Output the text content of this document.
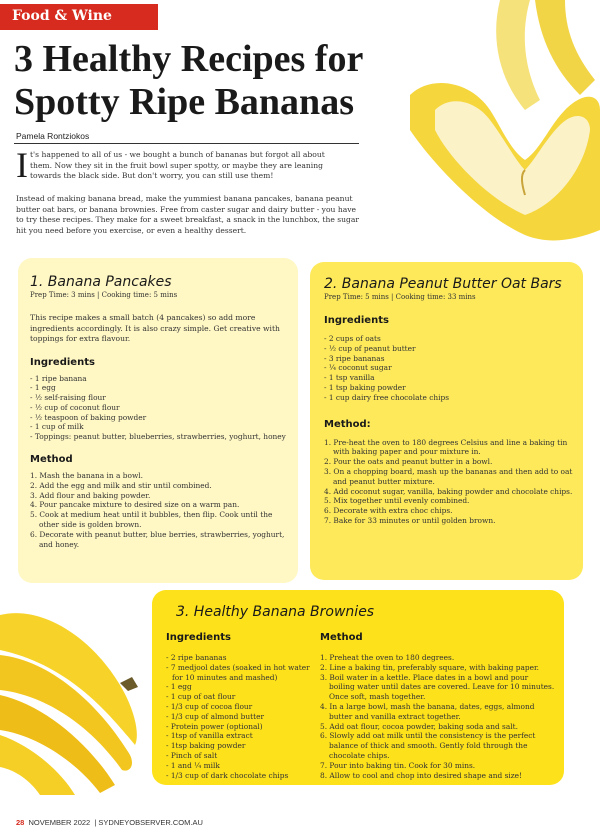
Food & Wine
3 Healthy Recipes for
Spotty Ripe Bananas
Pamela Rontziokos

It's happened to all of us - we bought a bunch of bananas but forgot all about them. Now they sit in the fruit bowl super spotty, or maybe they are leaning towards the black side. But don't worry, you can still use them!

Instead of making banana bread, make the yummiest banana pancakes, banana peanut butter oat bars, or banana brownies. Free from caster sugar and dairy butter - you have to try these recipes. They make for a sweet breakfast, a snack in the lunchbox, the sugar hit you need before you exercise, or even a healthy dessert.

1. Banana Pancakes
Prep Time: 3 mins | Cooking time: 5 mins

This recipe makes a small batch (4 pancakes) so add more ingredients accordingly. It is also crazy simple. Get creative with toppings for extra flavour.

Ingredients
- 1 ripe banana
- 1 egg
- ½ self-raising flour
- ½ cup of coconut flour
- ½ teaspoon of baking powder
- 1 cup of milk
- Toppings: peanut butter, blueberries, strawberries, yoghurt, honey
Method
1. Mash the banana in a bowl.
2. Add the egg and milk and stir until combined.
3. Add flour and baking powder.
4. Pour pancake mixture to desired size on a warm pan.
5. Cook at medium heat until it bubbles, then flip. Cook until the other side is golden brown.
6. Decorate with peanut butter, blue berries, strawberries, yoghurt, and honey.
2. Banana Peanut Butter Oat Bars
Prep Time: 5 mins | Cooking time: 33 mins
Ingredients
- 2 cups of oats
- ½ cup of peanut butter
- 3 ripe bananas
- ¼ coconut sugar
- 1 tsp vanilla
- 1 tsp baking powder
- 1 cup dairy free chocolate chips
Method:
1. Pre-heat the oven to 180 degrees Celsius and line a baking tin with baking paper and pour mixture in.
2. Pour the oats and peanut butter in a bowl.
3. On a chopping board, mash up the bananas and then add to oat and peanut butter mixture.
4. Add coconut sugar, vanilla, baking powder and chocolate chips.
5. Mix together until evenly combined.
6. Decorate with extra choc chips.
7. Bake for 33 minutes or until golden brown.
3. Healthy Banana Brownies
Ingredients
- 2 ripe bananas
- 7 medjool dates (soaked in hot water for 10 minutes and mashed)
- 1 egg
- 1 cup of oat flour
- 1/3 cup of cocoa flour
- 1/3 cup of almond butter
- Protein power (optional)
- 1tsp of vanilla extract
- 1tsp baking powder
- Pinch of salt
- 1 and ¼ milk
- 1/3 cup of dark chocolate chips
Method
1. Preheat the oven to 180 degrees.
2. Line a baking tin, preferably square, with baking paper.
3. Boil water in a kettle. Place dates in a bowl and pour boiling water until dates are covered. Leave for 10 minutes. Once soft, mash together.
4. In a large bowl, mash the banana, dates, eggs, almond butter and vanilla extract together.
5. Add oat flour, cocoa powder, baking soda and salt.
6. Slowly add oat milk until the consistency is the perfect balance of thick and smooth. Gently fold through the chocolate chips.
7. Pour into baking tin. Cook for 30 mins.
8. Allow to cool and chop into desired shape and size!
28 NOVEMBER 2022  | SYDNEYOBSERVER.COM.AU
